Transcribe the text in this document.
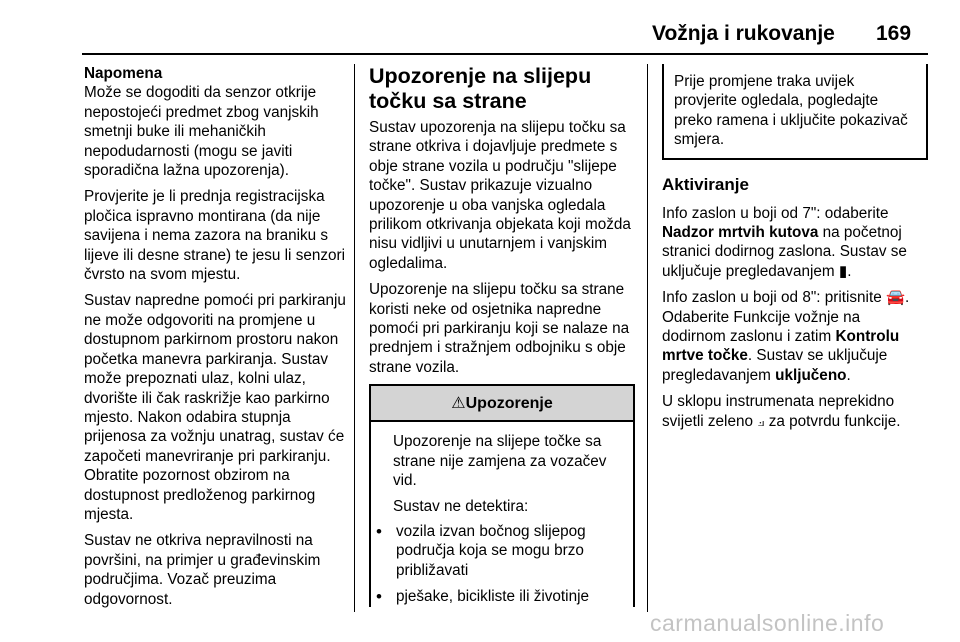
Vožnja i rukovanje 169
Napomena

Može se dogoditi da senzor otkrije nepostojeći predmet zbog vanjskih smetnji buke ili mehaničkih nepodudarnosti (mogu se javiti sporadična lažna upozorenja).

Provjerite je li prednja registracijska pločica ispravno montirana (da nije savijena i nema zazora na braniku s lijeve ili desne strane) te jesu li senzori čvrsto na svom mjestu.

Sustav napredne pomoći pri parkiranju ne može odgovoriti na promjene u dostupnom parkirnom prostoru nakon početka manevra parkiranja. Sustav može prepoznati ulaz, kolni ulaz, dvorište ili čak raskrižje kao parkirno mjesto. Nakon odabira stupnja prijenosa za vožnju unatrag, sustav će započeti manevriranje pri parkiranju. Obratite pozornost obzirom na dostupnost predloženog parkirnog mjesta.

Sustav ne otkriva nepravilnosti na površini, na primjer u građevinskim područjima. Vozač preuzima odgovornost.

Upozorenje na slijepu točku sa strane

Sustav upozorenja na slijepu točku sa strane otkriva i dojavljuje predmete s obje strane vozila u području "slijepe točke". Sustav prikazuje vizualno upozorenje u oba vanjska ogledala prilikom otkrivanja objekata koji možda nisu vidljivi u unutarnjem i vanjskim ogledalima.

Upozorenje na slijepu točku sa strane koristi neke od osjetnika napredne pomoći pri parkiranju koji se nalaze na prednjem i stražnjem odbojniku s obje strane vozila.

⚠ Upozorenje

Upozorenje na slijepe točke sa strane nije zamjena za vozačev vid.

Sustav ne detektira:

• vozila izvan bočnog slijepog područja koja se mogu brzo približavati
• pješake, bicikliste ili životinje
Prije promjene traka uvijek provjerite ogledala, pogledajte preko ramena i uključite pokazivač smjera.
Aktiviranje

Info zaslon u boji od 7": odaberite Nadzor mrtvih kutova na početnoj stranici dodirnog zaslona. Sustav se uključuje pregledavanjem ▮.

Info zaslon u boji od 8": pritisnite 🚘. Odaberite Funkcije vožnje na dodirnom zaslonu i zatim Kontrolu mrtve točke. Sustav se uključuje pregledavanjem uključeno.

U sklopu instrumenata neprekidno svijetli zeleno ⟓ za potvrdu funkcije.

carmanualsonline.info
